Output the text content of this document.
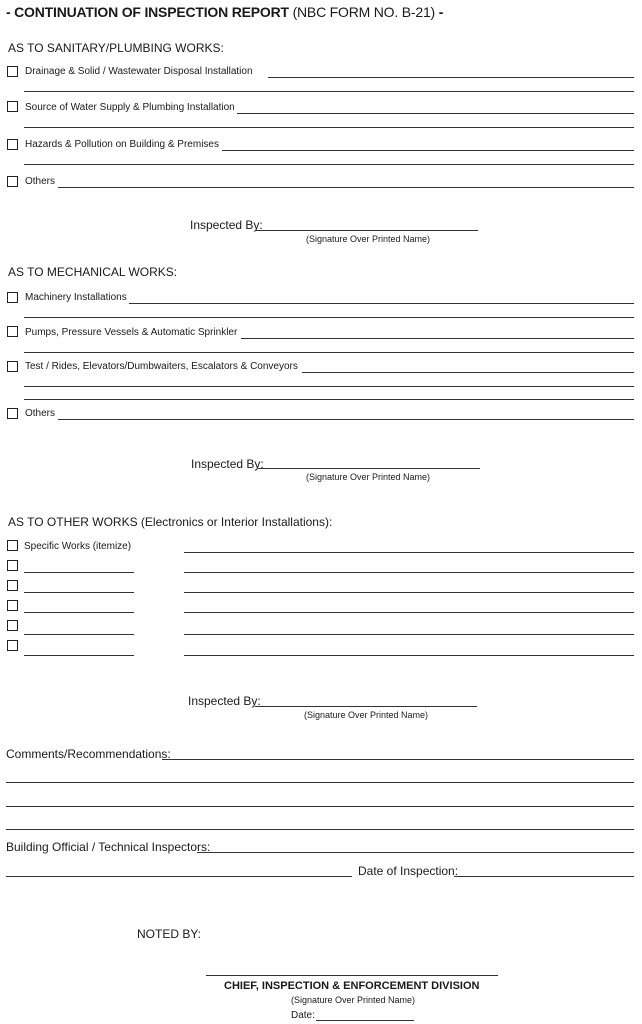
- CONTINUATION OF INSPECTION REPORT (NBC FORM NO. B-21) -
AS TO SANITARY/PLUMBING WORKS:
Drainage & Solid / Wastewater Disposal Installation
Source of Water Supply & Plumbing Installation
Hazards & Pollution on Building & Premises
Others
Inspected By:
(Signature Over Printed Name)
AS TO MECHANICAL WORKS:
Machinery Installations
Pumps, Pressure Vessels & Automatic Sprinkler
Test / Rides, Elevators/Dumbwaiters, Escalators & Conveyors
Others
Inspected By:
(Signature Over Printed Name)
AS TO OTHER WORKS (Electronics or Interior Installations):
Specific Works (itemize)
Inspected By:
(Signature Over Printed Name)
Comments/Recommendations:
Building Official / Technical Inspectors:
Date of Inspection:
NOTED BY:
CHIEF, INSPECTION & ENFORCEMENT DIVISION
(Signature Over Printed Name)
Date:
